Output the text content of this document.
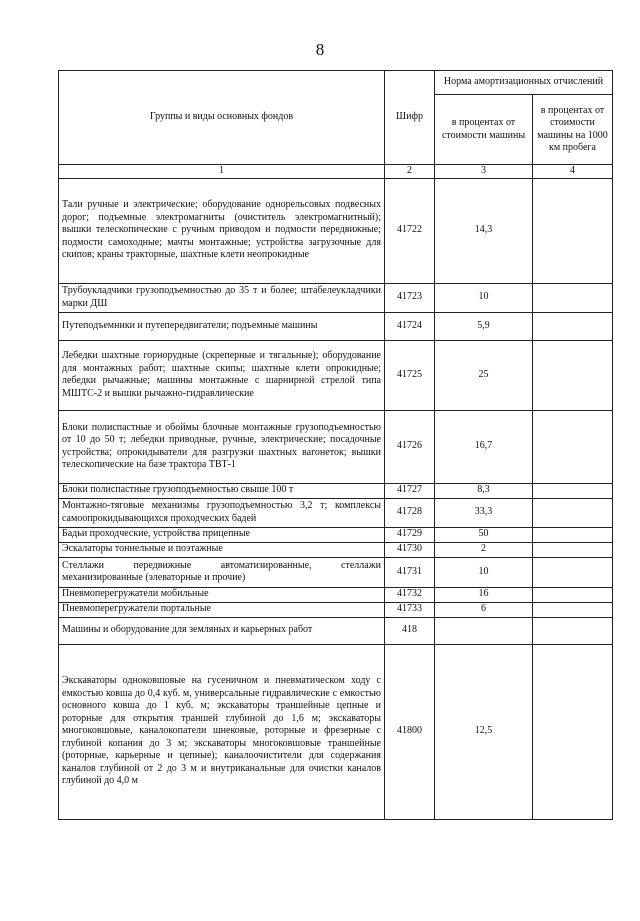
8
Группы и виды основных фондов	Шифр	Норма амортизационных отчислений	
		в процентах от стоимости машины	в процентах от стоимости машины на 1000 км пробега
1	2	3	4
Тали ручные и электрические; оборудование однорельсовых подвесных дорог; подъемные электромагниты (очиститель электромагнитный); вышки телескопические с ручным приводом и подмости передвижные; подмости самоходные; мачты монтажные; устройства загрузочные для скипов; краны тракторные, шахтные клети неопрокидные	41722	14,3	
Трубоукладчики грузоподъемностью до 35 т и более; штабелеукладчики марки ДШ	41723	10	
Путеподъемники и путепередвигатели; подъемные машины	41724	5,9	
Лебедки шахтные горнорудные (скреперные и тягальные); оборудование для монтажных работ; шахтные скипы; шахтные клети опрокидные; лебедки рычажные; машины монтажные с шарнирной стрелой типа МШТС-2 и вышки рычажно-гидравлические	41725	25	
Блоки полиспастные и обоймы блочные монтажные грузоподъемностью от 10 до 50 т; лебедки приводные, ручные, электрические; посадочные устройства; опрокидыватели для разгрузки шахтных вагонеток; вышки телескопические на базе трактора ТВТ-1	41726	16,7	
Блоки полиспастные грузоподъемностью свыше 100 т	41727	8,3	
Монтажно-тяговые механизмы грузоподъемностью 3,2 т; комплексы самоопрокидывающихся проходческих бадей	41728	33,3	
Бадьи проходческие, устройства прицепные	41729	50	
Эскалаторы тоннельные и поэтажные	41730	2	
Стеллажи передвижные автоматизированные, стеллажи механизированные (элеваторные и прочие)	41731	10	
Пневмоперегружатели мобильные	41732	16	
Пневмоперегружатели портальные	41733	6	
Машины и оборудование для земляных и карьерных работ	418		
Экскаваторы одноковшовые на гусеничном и пневматическом ходу с емкостью ковша до 0,4 куб. м, универсальные гидравлические с емкостью основного ковша до 1 куб. м; экскаваторы траншейные цепные и роторные для открытия траншей глубиной до 1,6 м; экскаваторы многоковшовые, каналокопатели шнековые, роторные и фрезерные с глубиной копания до 3 м; экскаваторы многоковшовые траншейные (роторные, карьерные и цепные); каналоочистители для содержания каналов глубиной от 2 до 3 м и внутриканальные для очистки каналов глубиной до 4,0 м	41800	12,5	
